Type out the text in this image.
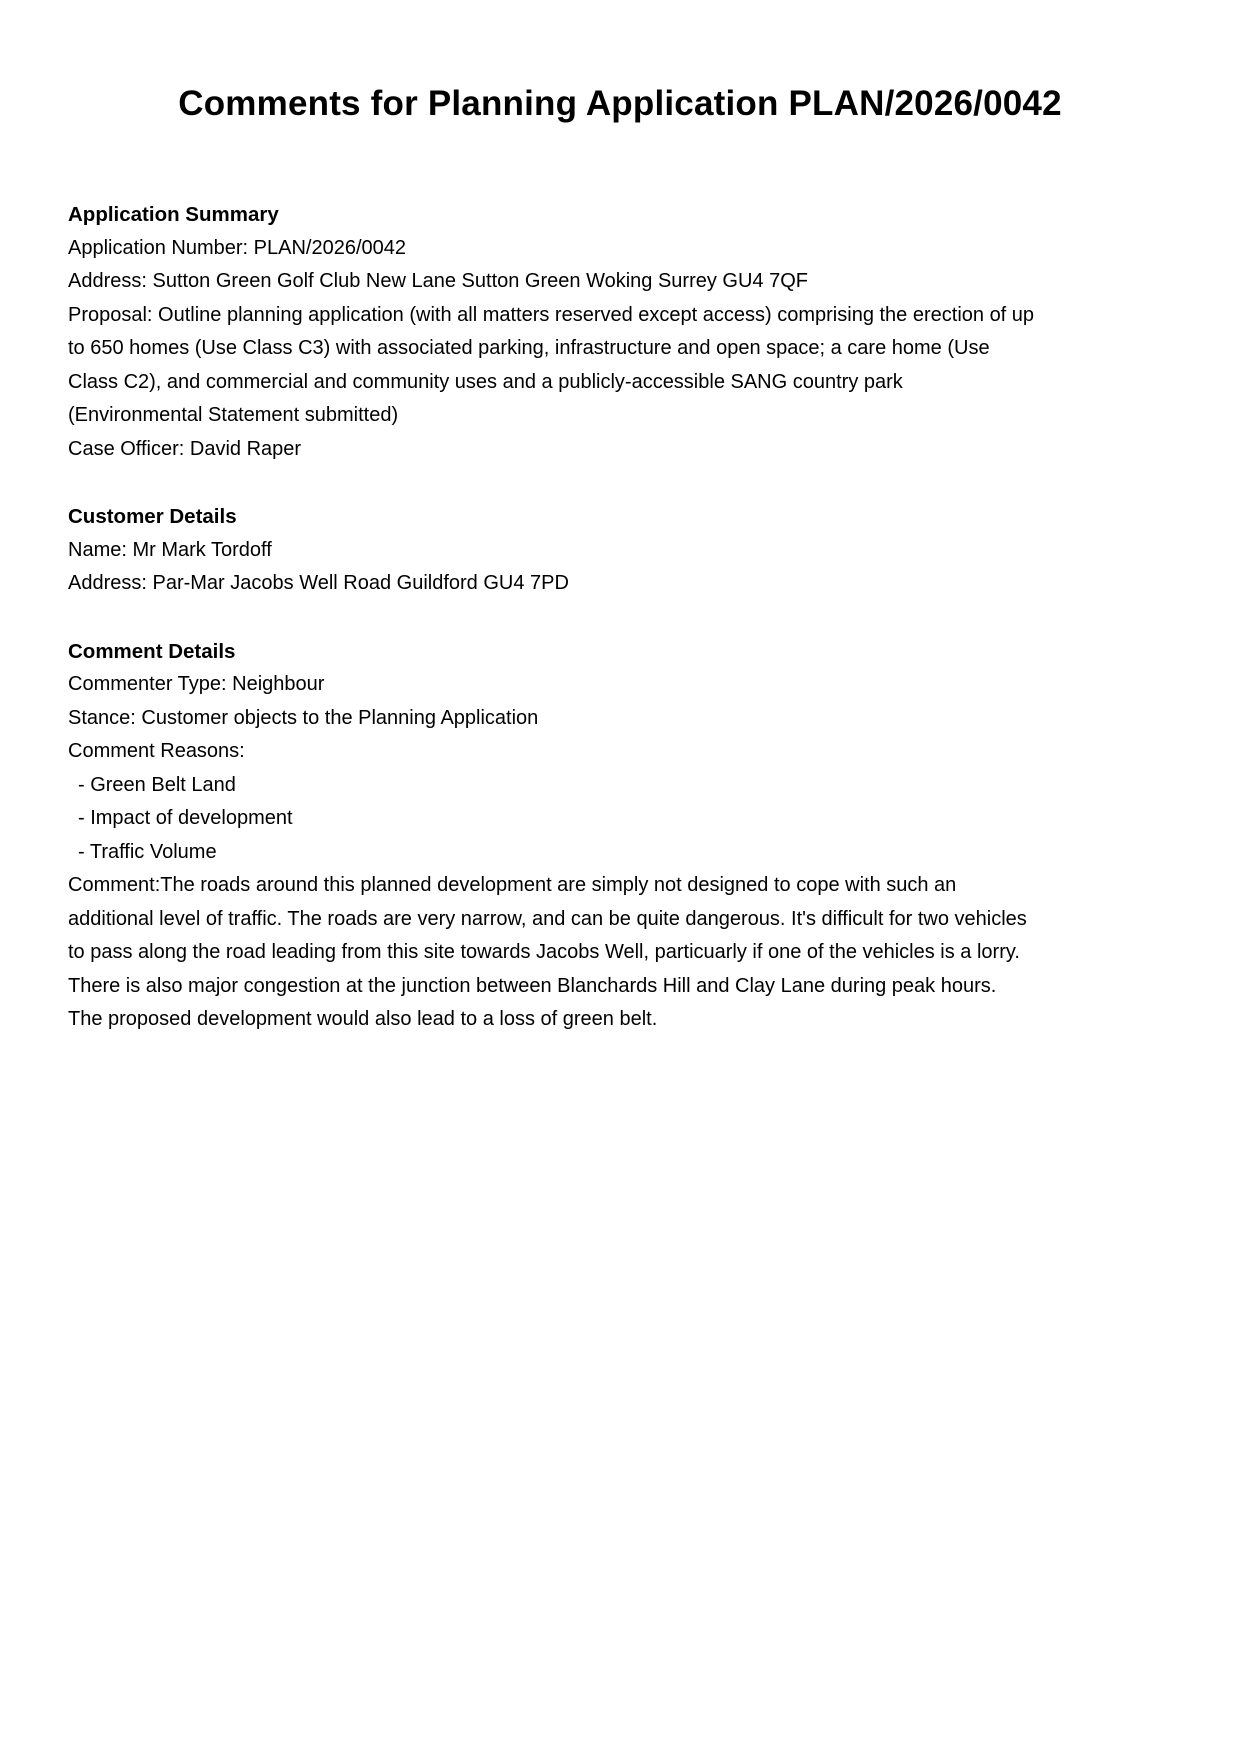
Comments for Planning Application PLAN/2026/0042
Application Summary

Application Number: PLAN/2026/0042

Address: Sutton Green Golf Club New Lane Sutton Green Woking Surrey GU4 7QF

Proposal: Outline planning application (with all matters reserved except access) comprising the erection of up to 650 homes (Use Class C3) with associated parking, infrastructure and open space; a care home (Use Class C2), and commercial and community uses and a publicly-accessible SANG country park (Environmental Statement submitted)

Case Officer: David Raper

Customer Details

Name: Mr Mark Tordoff

Address: Par-Mar Jacobs Well Road Guildford GU4 7PD

Comment Details

Commenter Type: Neighbour

Stance: Customer objects to the Planning Application

Comment Reasons:

- Green Belt Land

- Impact of development

- Traffic Volume

Comment:The roads around this planned development are simply not designed to cope with such an additional level of traffic. The roads are very narrow, and can be quite dangerous. It's difficult for two vehicles to pass along the road leading from this site towards Jacobs Well, particuarly if one of the vehicles is a lorry. There is also major congestion at the junction between Blanchards Hill and Clay Lane during peak hours.

The proposed development would also lead to a loss of green belt.
